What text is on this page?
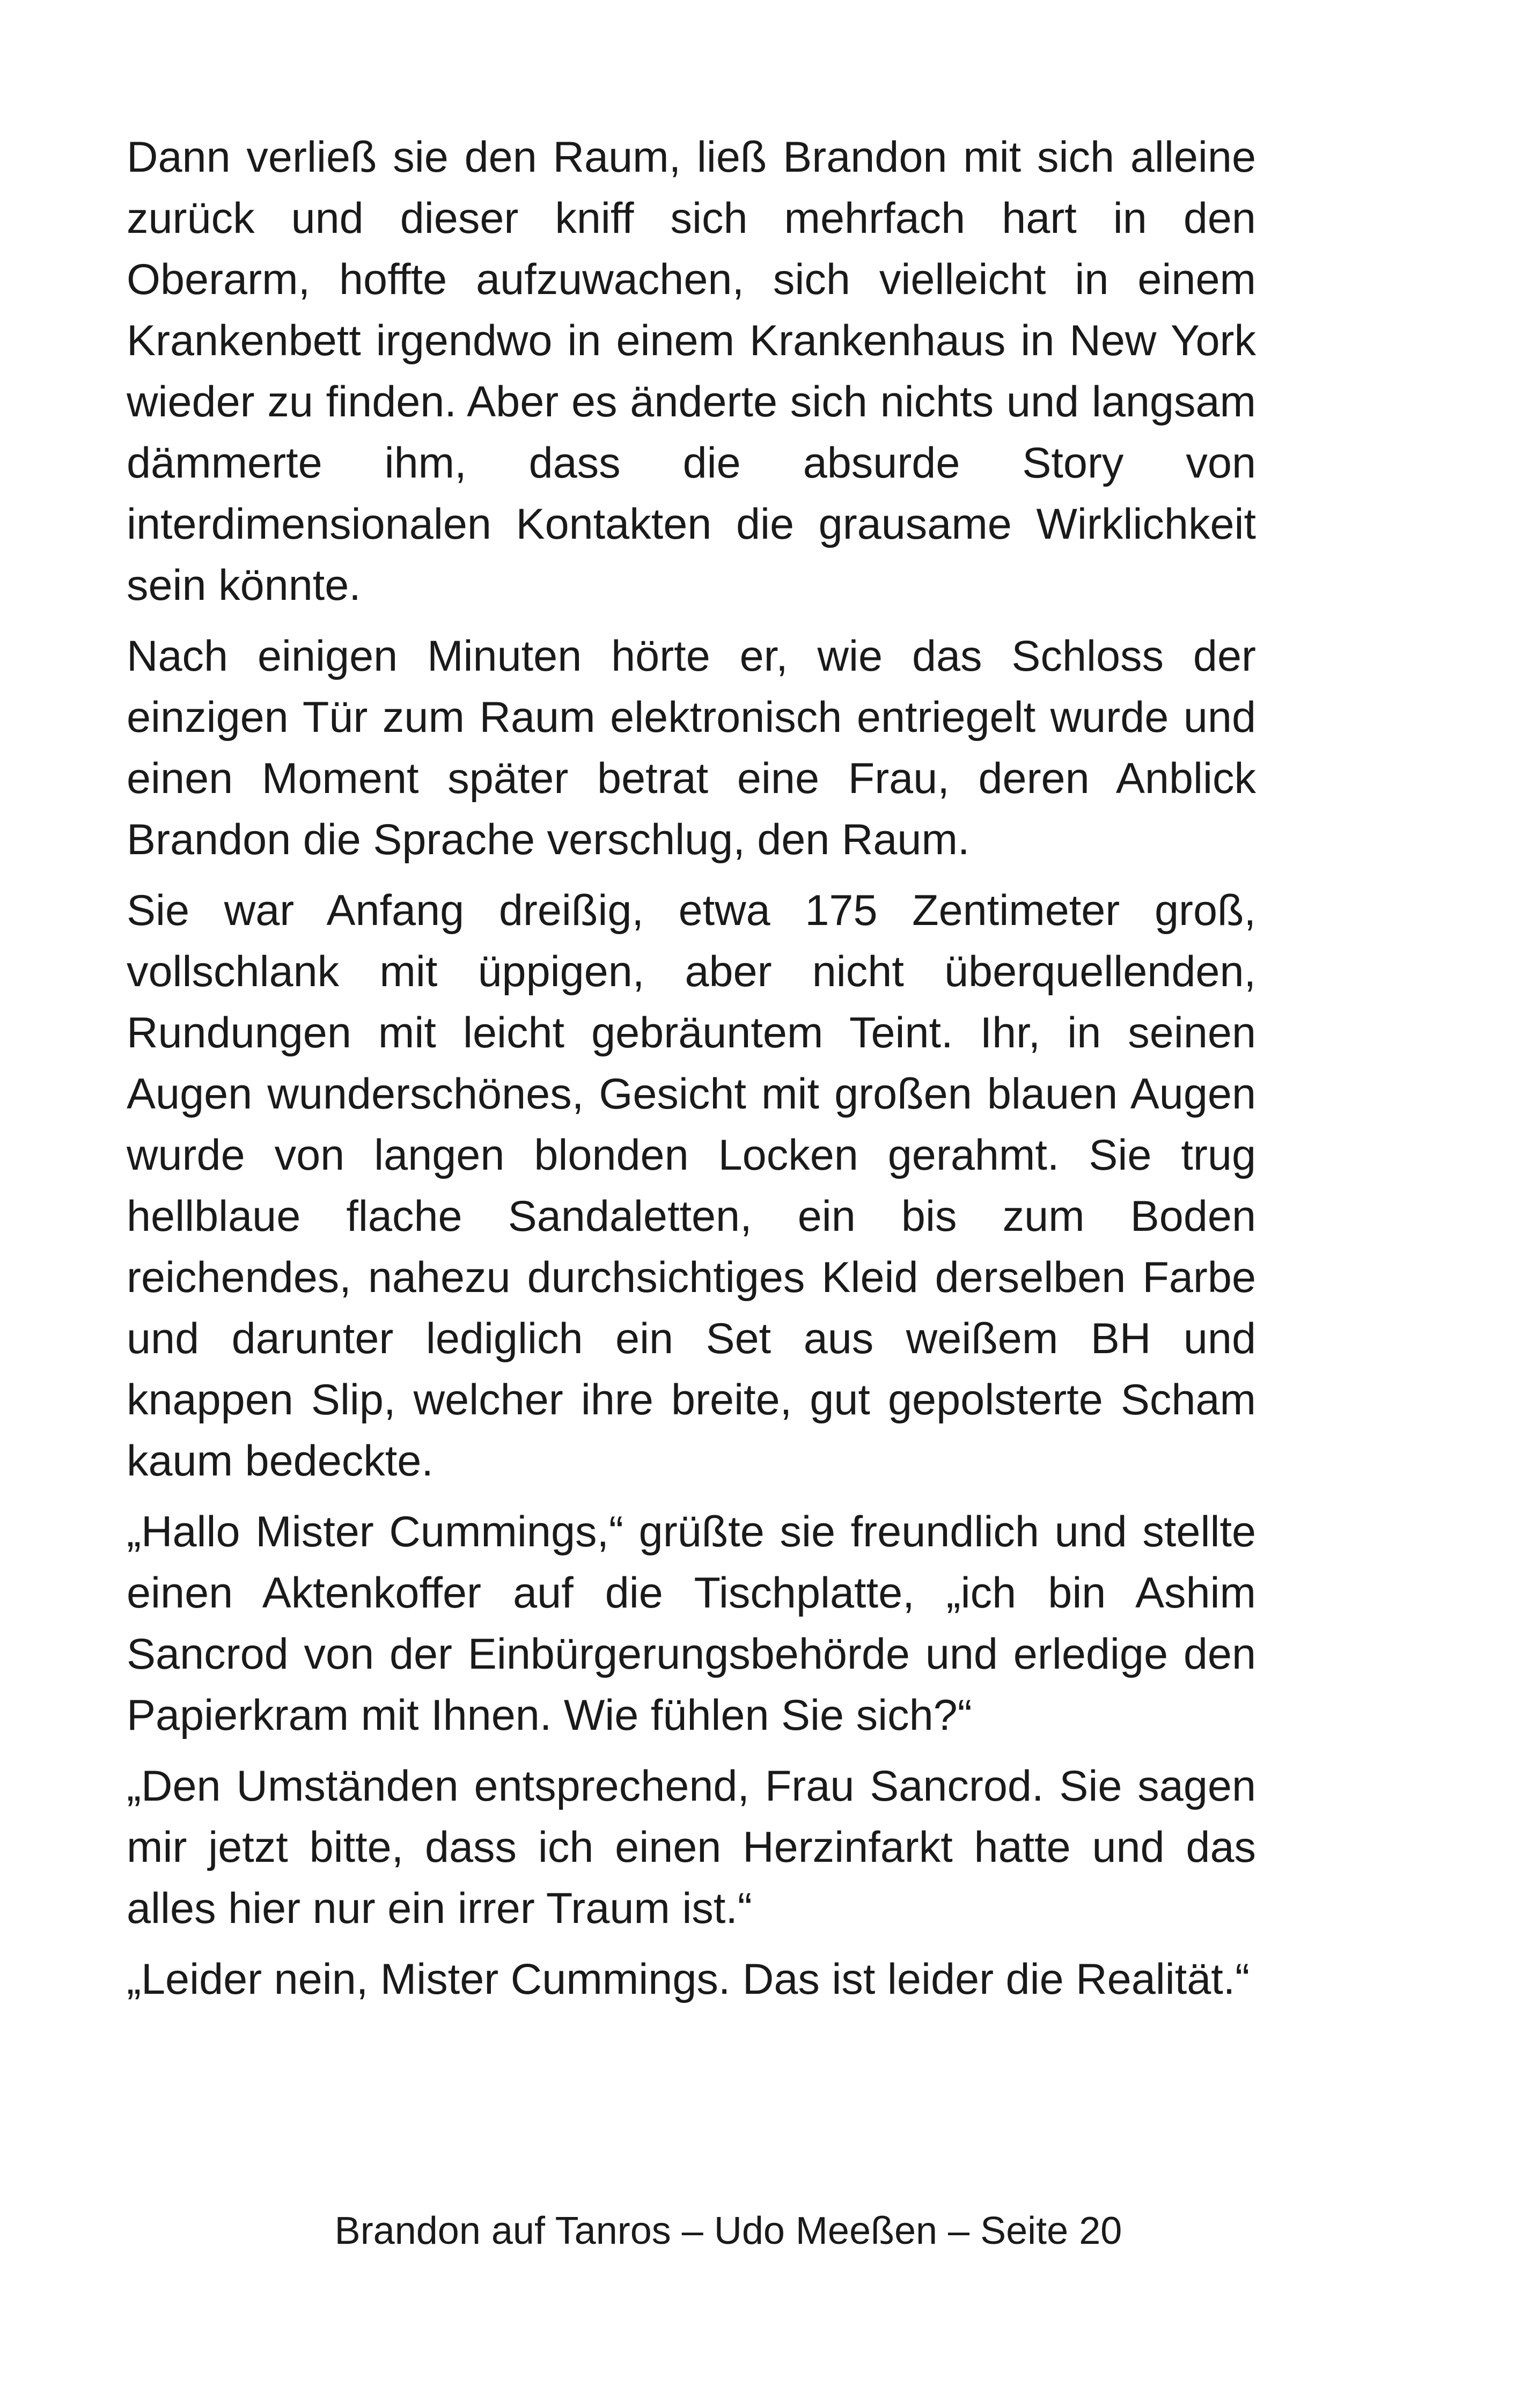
Dann verließ sie den Raum, ließ Brandon mit sich alleine zurück und dieser kniff sich mehrfach hart in den Oberarm, hoffte aufzuwachen, sich vielleicht in einem Krankenbett irgendwo in einem Krankenhaus in New York wieder zu finden. Aber es änderte sich nichts und langsam dämmerte ihm, dass die absurde Story von interdimensionalen Kontakten die grausame Wirklichkeit sein könnte.

Nach einigen Minuten hörte er, wie das Schloss der einzigen Tür zum Raum elektronisch entriegelt wurde und einen Moment später betrat eine Frau, deren Anblick Brandon die Sprache verschlug, den Raum.

Sie war Anfang dreißig, etwa 175 Zentimeter groß, vollschlank mit üppigen, aber nicht überquellenden, Rundungen mit leicht gebräuntem Teint. Ihr, in seinen Augen wunderschönes, Gesicht mit großen blauen Augen wurde von langen blonden Locken gerahmt. Sie trug hellblaue flache Sandaletten, ein bis zum Boden reichendes, nahezu durchsichtiges Kleid derselben Farbe und darunter lediglich ein Set aus weißem BH und knappen Slip, welcher ihre breite, gut gepolsterte Scham kaum bedeckte.

„Hallo Mister Cummings,“ grüßte sie freundlich und stellte einen Aktenkoffer auf die Tischplatte, „ich bin Ashim Sancrod von der Einbürgerungsbehörde und erledige den Papierkram mit Ihnen. Wie fühlen Sie sich?“

„Den Umständen entsprechend, Frau Sancrod. Sie sagen mir jetzt bitte, dass ich einen Herzinfarkt hatte und das alles hier nur ein irrer Traum ist.“

„Leider nein, Mister Cummings. Das ist leider die Realität.“

Brandon auf Tanros – Udo Meeßen – Seite 20
